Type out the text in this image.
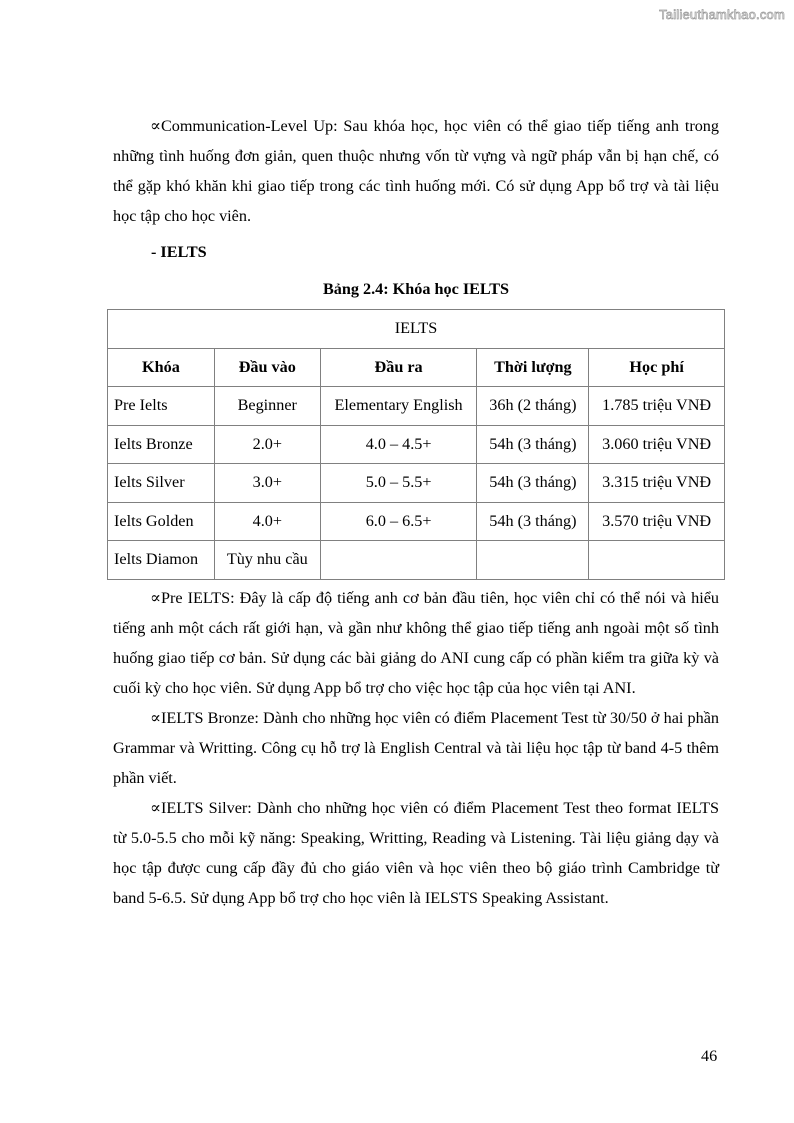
Tailieuthamkhao.com

∝Communication-Level Up: Sau khóa học, học viên có thể giao tiếp tiếng anh trong những tình huống đơn giản, quen thuộc nhưng vốn từ vựng và ngữ pháp vẫn bị hạn chế, có thể gặp khó khăn khi giao tiếp trong các tình huống mới. Có sử dụng App bổ trợ và tài liệu học tập cho học viên.

- IELTS
Bảng 2.4: Khóa học IELTS
IELTS				
Khóa	Đầu vào	Đầu ra	Thời lượng	Học phí
Pre Ielts	Beginner	Elementary English	36h (2 tháng)	1.785 triệu VNĐ
Ielts Bronze	2.0+	4.0 – 4.5+	54h (3 tháng)	3.060 triệu VNĐ
Ielts Silver	3.0+	5.0 – 5.5+	54h (3 tháng)	3.315 triệu VNĐ
Ielts Golden	4.0+	6.0 – 6.5+	54h (3 tháng)	3.570 triệu VNĐ
Ielts Diamon	Tùy nhu cầu			

∝Pre IELTS: Đây là cấp độ tiếng anh cơ bản đầu tiên, học viên chỉ có thể nói và hiểu tiếng anh một cách rất giới hạn, và gần như không thể giao tiếp tiếng anh ngoài một số tình huống giao tiếp cơ bản. Sử dụng các bài giảng do ANI cung cấp có phần kiểm tra giữa kỳ và cuối kỳ cho học viên. Sử dụng App bổ trợ cho việc học tập của học viên tại ANI.

∝IELTS Bronze: Dành cho những học viên có điểm Placement Test từ 30/50 ở hai phần Grammar và Writting. Công cụ hỗ trợ là English Central và tài liệu học tập từ band 4-5 thêm phần viết.

∝IELTS Silver: Dành cho những học viên có điểm Placement Test theo format IELTS từ 5.0-5.5 cho mỗi kỹ năng: Speaking, Writting, Reading và Listening. Tài liệu giảng dạy và học tập được cung cấp đầy đủ cho giáo viên và học viên theo bộ giáo trình Cambridge từ band 5-6.5. Sử dụng App bổ trợ cho học viên là IELSTS Speaking Assistant.

46
